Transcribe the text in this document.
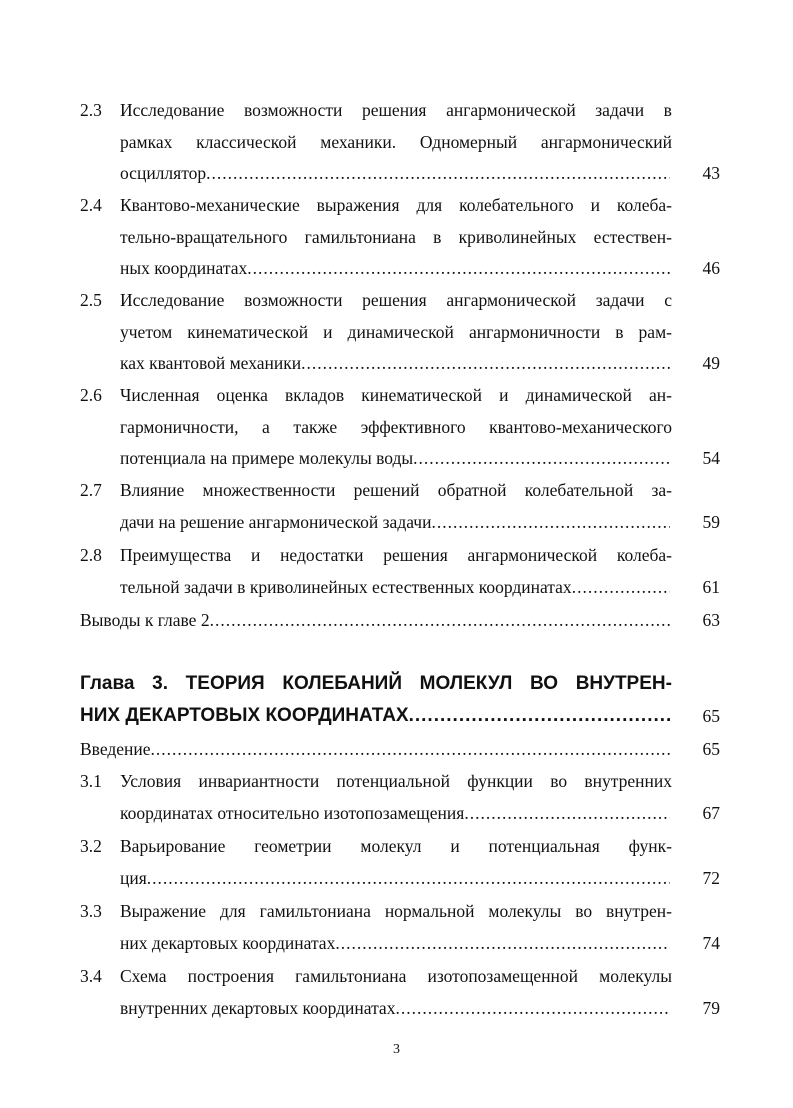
2.3 Исследование возможности решения ангармонической задачи в
рамках классической механики. Одномерный ангармонический
осциллятор .....	43
2.4 Квантово-механические выражения для колебательного и колеба-
тельно-вращательного гамильтониана в криволинейных естествен-
ных координатах .....	46
2.5 Исследование возможности решения ангармонической задачи с
учетом кинематической и динамической ангармоничности в рам-
ках квантовой механики .....	49
2.6 Численная оценка вкладов кинематической и динамической ан-
гармоничности, а также эффективного квантово-механического
потенциала на примере молекулы воды .....	54
2.7 Влияние множественности решений обратной колебательной за-
дачи на решение ангармонической задачи .....	59
2.8 Преимущества и недостатки решения ангармонической колеба-
тельной задачи в криволинейных естественных координатах .....	61
Выводы к главе 2 .....	63
Глава 3. ТЕОРИЯ КОЛЕБАНИЙ МОЛЕКУЛ ВО ВНУТРЕН-
НИХ ДЕКАРТОВЫХ КООРДИНАТАХ .....	65
Введение .....	65
3.1 Условия инвариантности потенциальной функции во внутренних
координатах относительно изотопозамещения .....	67
3.2 Варьирование геометрии молекул и потенциальная функ-
ция .....	72
3.3 Выражение для гамильтониана нормальной молекулы во внутрен-
них декартовых координатах .....	74
3.4 Схема построения гамильтониана изотопозамещенной молекулы
внутренних декартовых координатах .....	79
3
